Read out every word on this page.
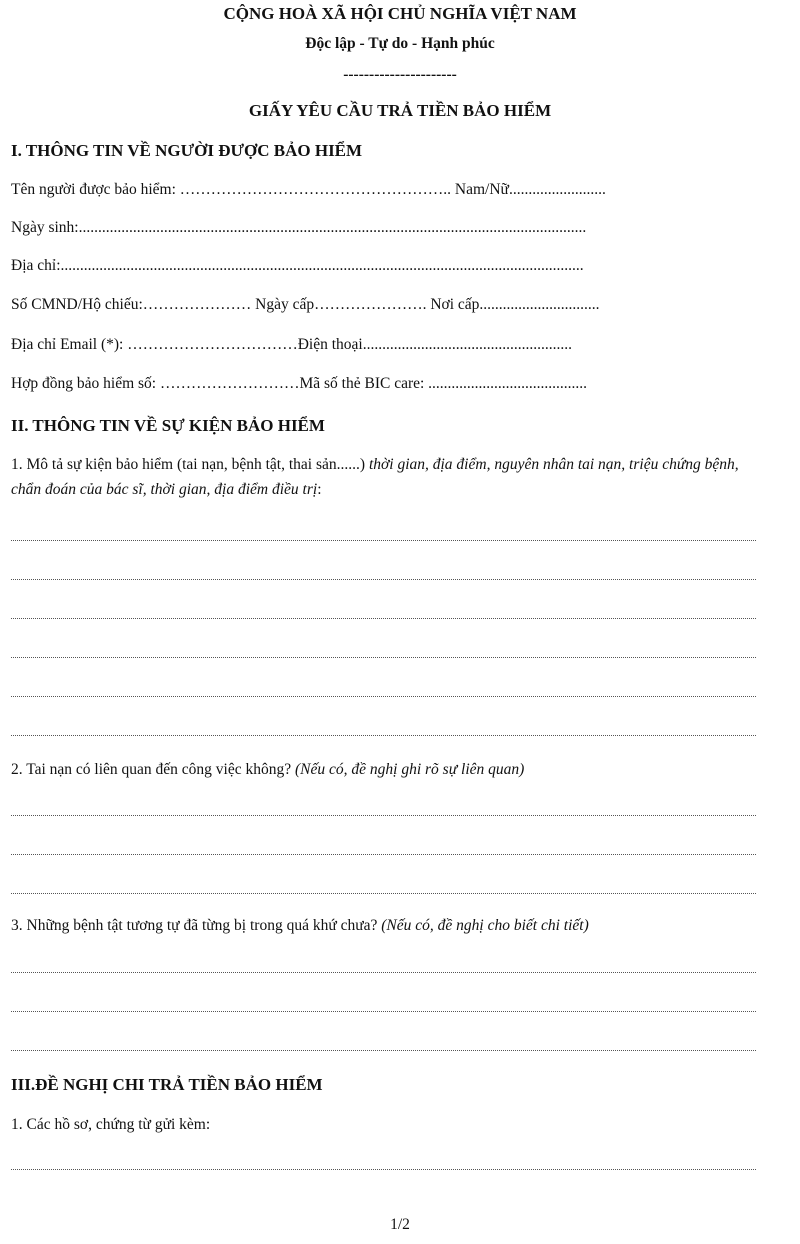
CỘNG HOÀ XÃ HỘI CHỦ NGHĨA VIỆT NAM
Độc lập - Tự do - Hạnh phúc
----------------------
GIẤY YÊU CẦU TRẢ TIỀN BẢO HIỂM
I. THÔNG TIN VỀ NGƯỜI ĐƯỢC BẢO HIỂM
Tên người được bảo hiểm: …………………………………………….. Nam/Nữ.........................
Ngày sinh:...................................................................................................................................
Địa chỉ:.......................................................................................................................................
Số CMND/Hộ chiếu:………………… Ngày cấp…………………. Nơi cấp...............................
Địa chỉ Email (*): ……………………………Điện thoại......................................................
Hợp đồng bảo hiểm số: ………………………Mã số thẻ BIC care: .........................................
II. THÔNG TIN VỀ SỰ KIỆN BẢO HIỂM
1. Mô tả sự kiện bảo hiểm (tai nạn, bệnh tật, thai sản......) thời gian, địa điểm, nguyên nhân tai nạn, triệu chứng bệnh, chẩn đoán của bác sĩ, thời gian, địa điểm điều trị:
2. Tai nạn có liên quan đến công việc không? (Nếu có, đề nghị ghi rõ sự liên quan)
3. Những bệnh tật tương tự đã từng bị trong quá khứ chưa? (Nếu có, đề nghị cho biết chi tiết)
III.ĐỀ NGHỊ CHI TRẢ TIỀN BẢO HIỂM
1. Các hồ sơ, chứng từ gửi kèm:
1/2
